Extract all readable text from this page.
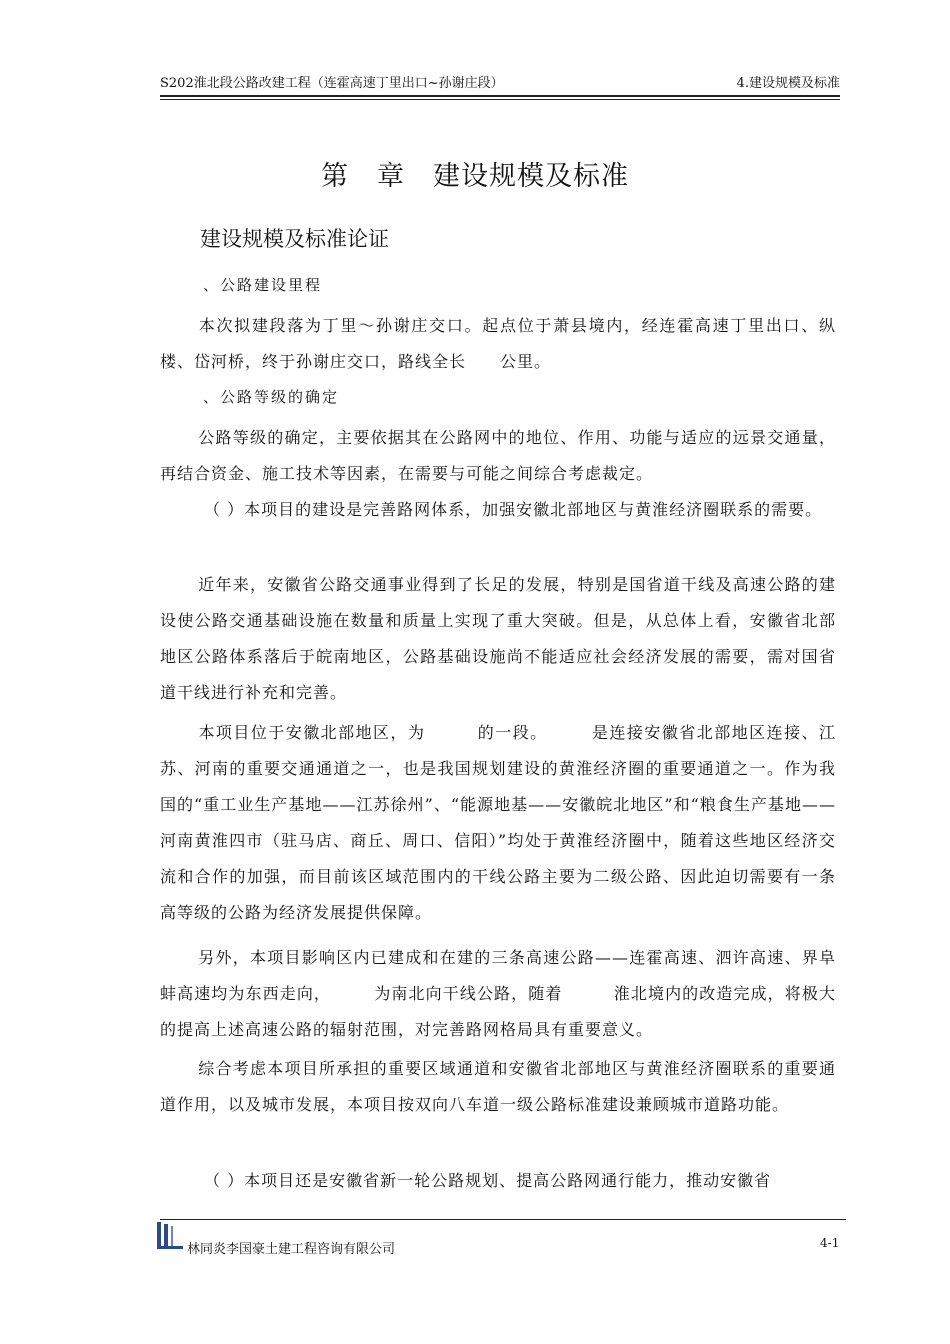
S202淮北段公路改建工程（连霍高速丁里出口~孙谢庄段）	4.建设规模及标准
第 章 建设规模及标准
建设规模及标准论证
、公路建设里程
本次拟建段落为丁里～孙谢庄交口。起点位于萧县境内，经连霍高速丁里出口、纵楼、岱河桥，终于孙谢庄交口，路线全长　　公里。
、公路等级的确定
公路等级的确定，主要依据其在公路网中的地位、作用、功能与适应的远景交通量，再结合资金、施工技术等因素，在需要与可能之间综合考虑裁定。
（ ）本项目的建设是完善路网体系，加强安徽北部地区与黄淮经济圈联系的需要。
近年来，安徽省公路交通事业得到了长足的发展，特别是国省道干线及高速公路的建设使公路交通基础设施在数量和质量上实现了重大突破。但是，从总体上看，安徽省北部地区公路体系落后于皖南地区，公路基础设施尚不能适应社会经济发展的需要，需对国省道干线进行补充和完善。
本项目位于安徽北部地区，为　　　的一段。　　　是连接安徽省北部地区连接、江苏、河南的重要交通通道之一，也是我国规划建设的黄淮经济圈的重要通道之一。作为我国的“重工业生产基地——江苏徐州”、“能源地基——安徽皖北地区”和“粮食生产基地——河南黄淮四市（驻马店、商丘、周口、信阳）”均处于黄淮经济圈中，随着这些地区经济交流和合作的加强，而目前该区域范围内的干线公路主要为二级公路、因此迫切需要有一条高等级的公路为经济发展提供保障。
另外，本项目影响区内已建成和在建的三条高速公路——连霍高速、泗许高速、界阜蚌高速均为东西走向，　　　为南北向干线公路，随着　　　淮北境内的改造完成，将极大的提高上述高速公路的辐射范围，对完善路网格局具有重要意义。
综合考虑本项目所承担的重要区域通道和安徽省北部地区与黄淮经济圈联系的重要通道作用，以及城市发展，本项目按双向八车道一级公路标准建设兼顾城市道路功能。
（ ）本项目还是安徽省新一轮公路规划、提高公路网通行能力，推动安徽省
林同炎李国豪土建工程咨询有限公司	4-1
